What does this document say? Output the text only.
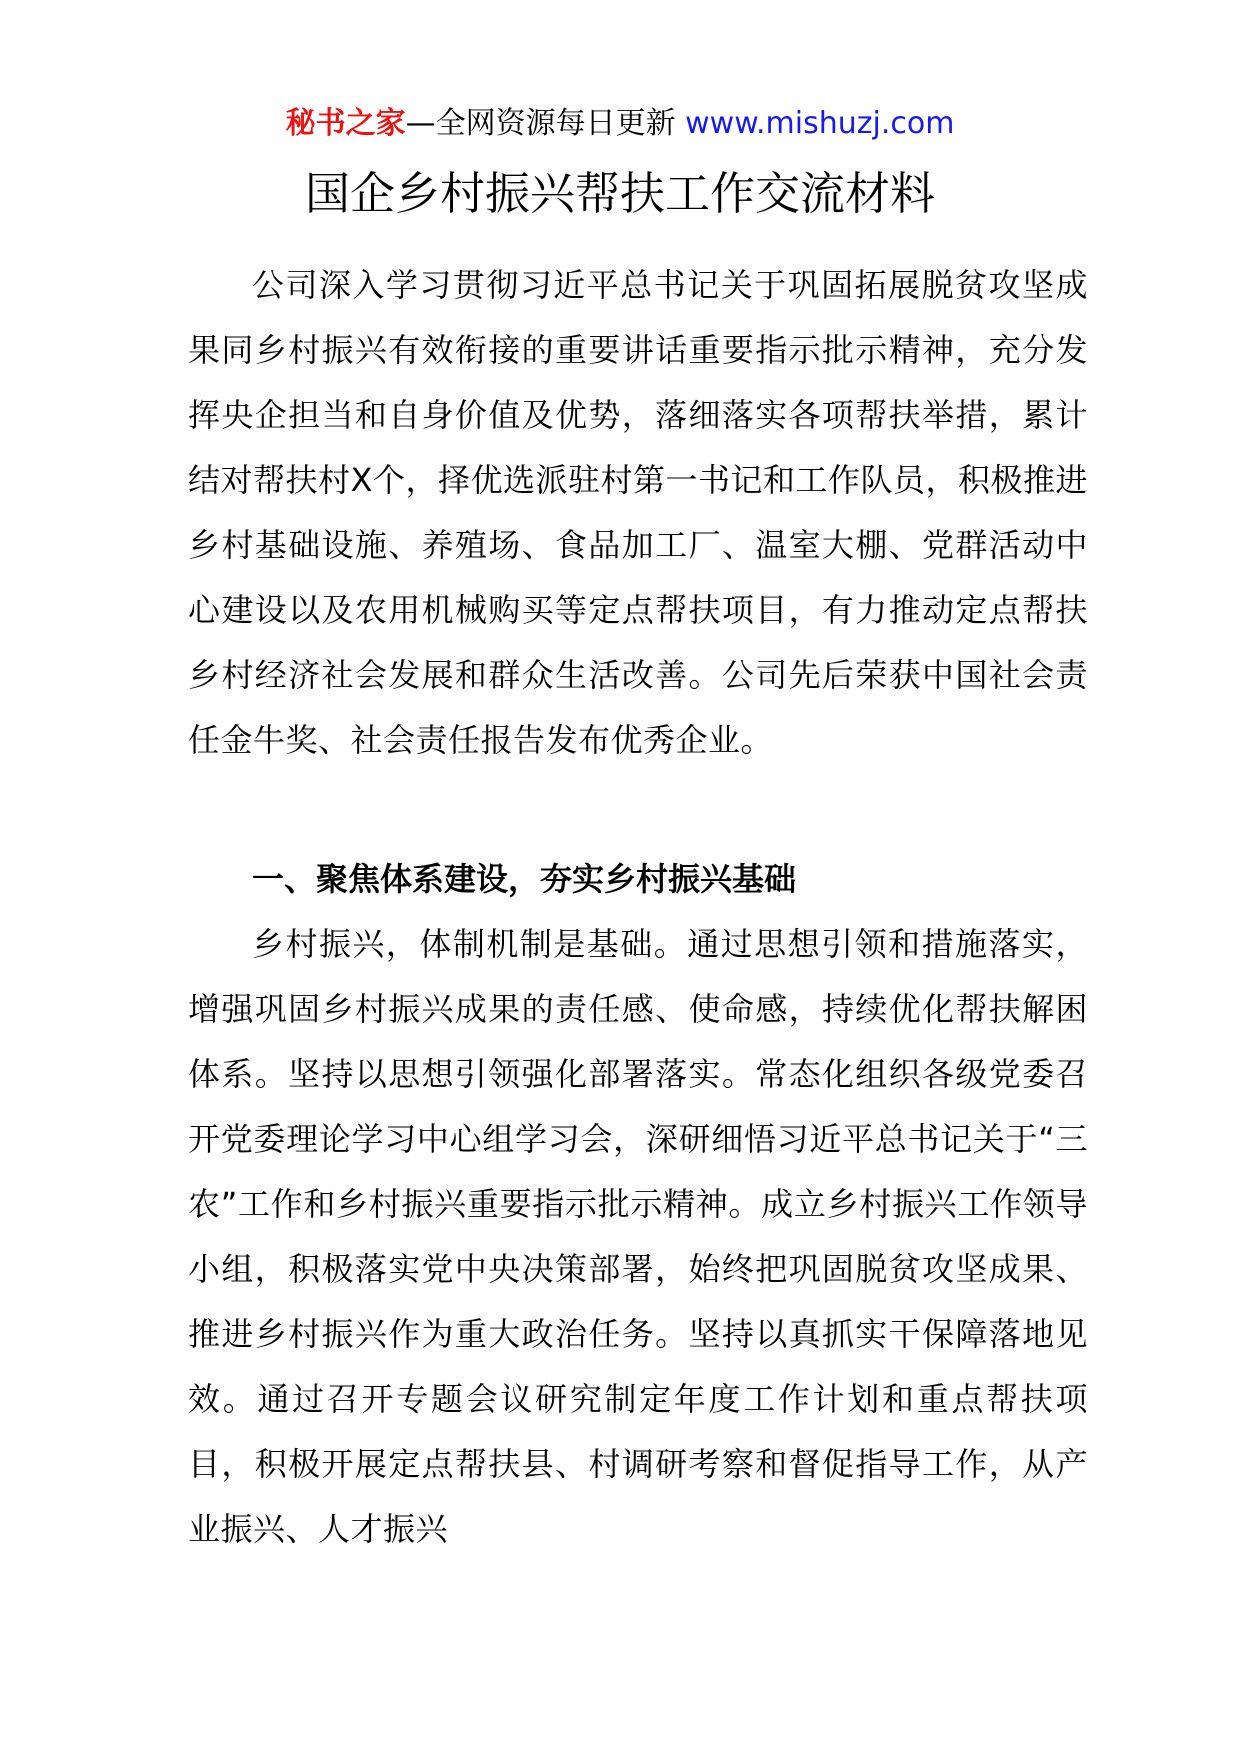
秘书之家—全网资源每日更新 www.mishuzj.com
国企乡村振兴帮扶工作交流材料

公司深入学习贯彻习近平总书记关于巩固拓展脱贫攻坚成果同乡村振兴有效衔接的重要讲话重要指示批示精神，充分发挥央企担当和自身价值及优势，落细落实各项帮扶举措，累计结对帮扶村X个，择优选派驻村第一书记和工作队员，积极推进乡村基础设施、养殖场、食品加工厂、温室大棚、党群活动中心建设以及农用机械购买等定点帮扶项目，有力推动定点帮扶乡村经济社会发展和群众生活改善。公司先后荣获中国社会责任金牛奖、社会责任报告发布优秀企业。

一、聚焦体系建设，夯实乡村振兴基础

乡村振兴，体制机制是基础。通过思想引领和措施落实，增强巩固乡村振兴成果的责任感、使命感，持续优化帮扶解困体系。坚持以思想引领强化部署落实。常态化组织各级党委召开党委理论学习中心组学习会，深研细悟习近平总书记关于“三农”工作和乡村振兴重要指示批示精神。成立乡村振兴工作领导小组，积极落实党中央决策部署，始终把巩固脱贫攻坚成果、推进乡村振兴作为重大政治任务。坚持以真抓实干保障落地见效。通过召开专题会议研究制定年度工作计划和重点帮扶项目，积极开展定点帮扶县、村调研考察和督促指导工作，从产业振兴、人才振兴
